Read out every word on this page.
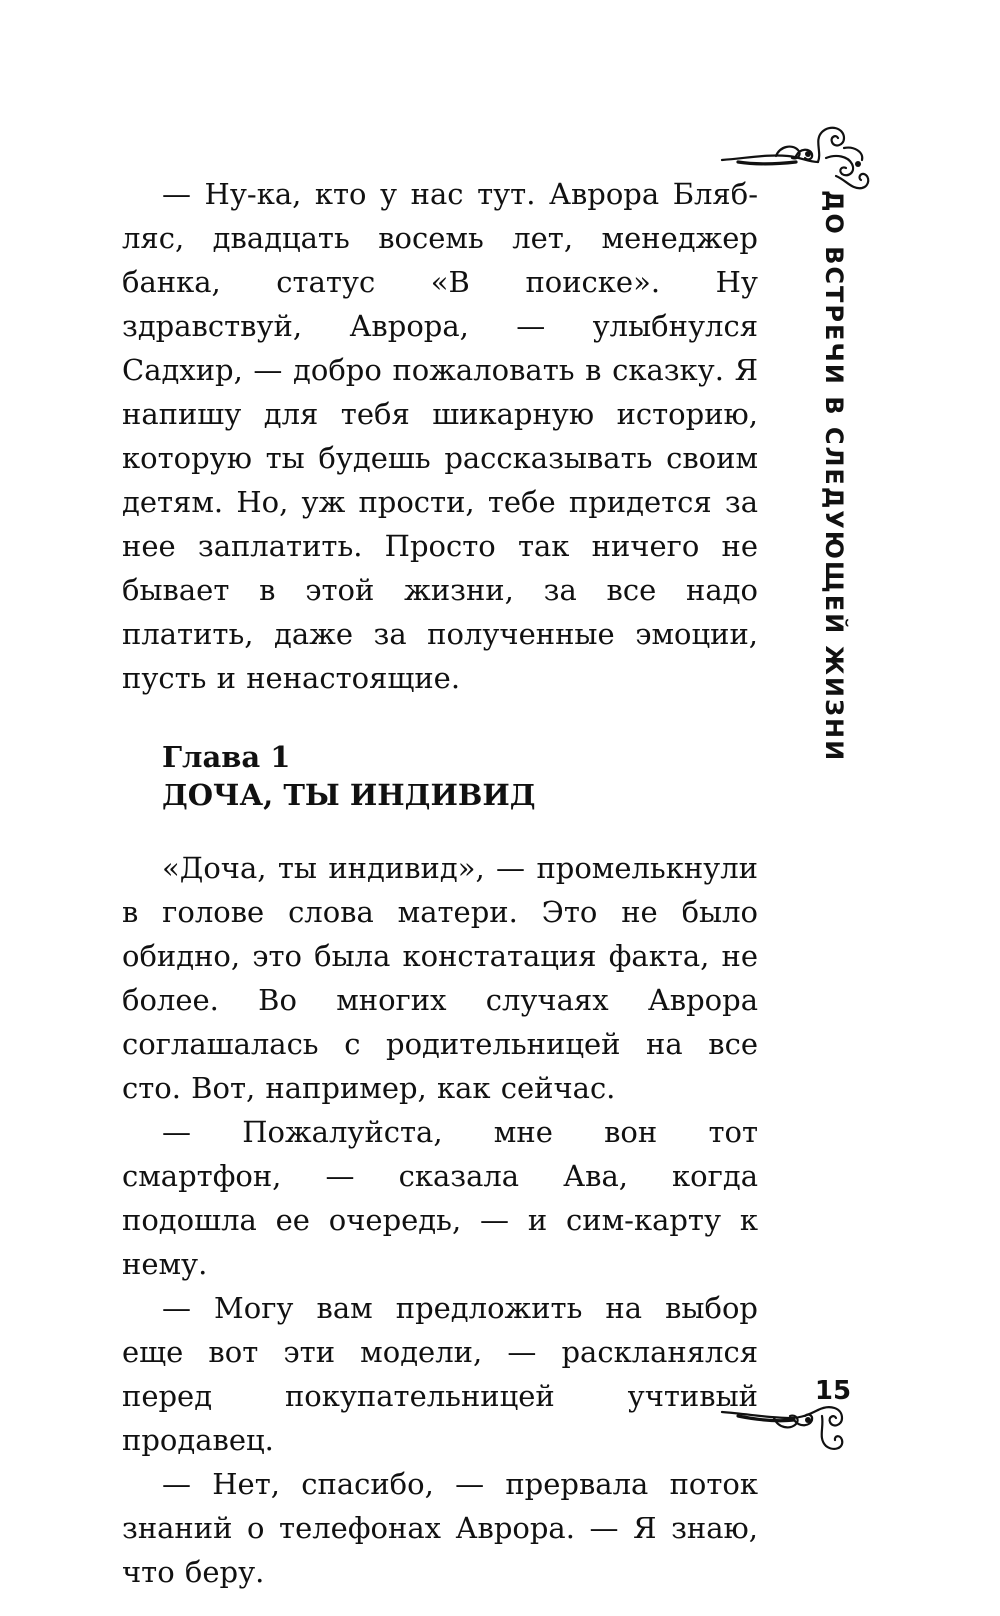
ДО ВСТРЕЧИ В СЛЕДУЮЩЕЙ ЖИЗНИ

— Ну-ка, кто у нас тут. Аврора Блябляс, двадцать восемь лет, менеджер банка, статус «В поиске». Ну здравствуй, Аврора, — улыбнулся Садхир, — добро пожаловать в сказку. Я напишу для тебя шикарную историю, которую ты будешь рассказывать своим детям. Но, уж прости, тебе придется за нее заплатить. Просто так ничего не бывает в этой жизни, за все надо платить, даже за полученные эмоции, пусть и ненастоящие.

Глава 1
ДОЧА, ТЫ ИНДИВИД

«Доча, ты индивид», — промелькнули в голове слова матери. Это не было обидно, это была констатация факта, не более. Во многих случаях Аврора соглашалась с родительницей на все сто. Вот, например, как сейчас.

— Пожалуйста, мне вон тот смартфон, — сказала Ава, когда подошла ее очередь, — и сим-карту к нему.

— Могу вам предложить на выбор еще вот эти модели, — раскланялся перед покупательницей учтивый продавец.

— Нет, спасибо, — прервала поток знаний о телефонах Аврора. — Я знаю, что беру.

15
